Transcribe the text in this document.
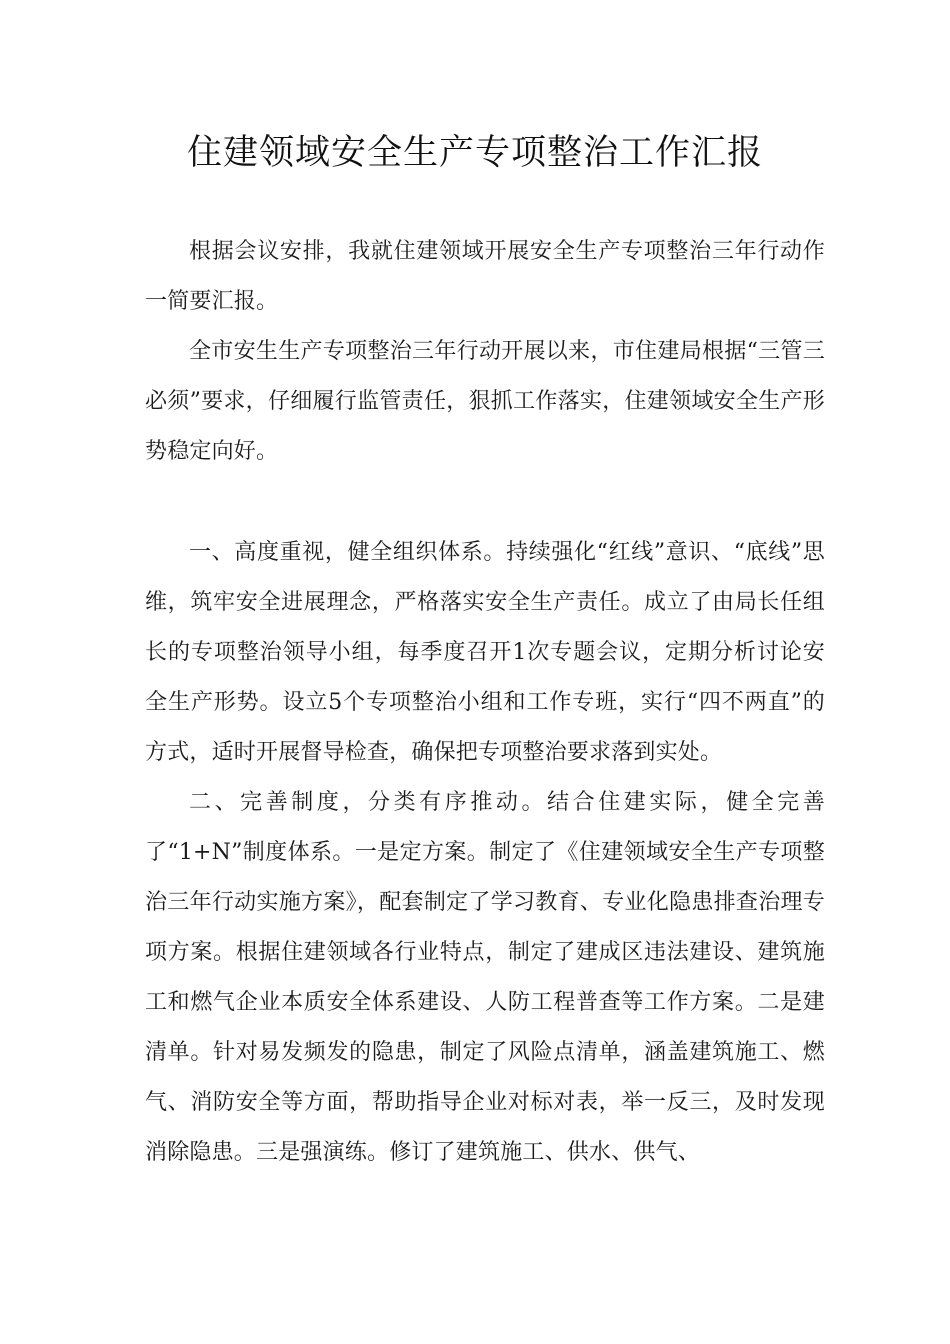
住建领域安全生产专项整治工作汇报

根据会议安排，我就住建领域开展安全生产专项整治三年行动作一简要汇报。

全市安生生产专项整治三年行动开展以来，市住建局根据“三管三必须”要求，仔细履行监管责任，狠抓工作落实，住建领域安全生产形势稳定向好。

一、高度重视，健全组织体系。持续强化“红线”意识、“底线”思维，筑牢安全进展理念，严格落实安全生产责任。成立了由局长任组长的专项整治领导小组，每季度召开1次专题会议，定期分析讨论安全生产形势。设立5个专项整治小组和工作专班，实行“四不两直”的方式，适时开展督导检查，确保把专项整治要求落到实处。

二、完善制度，分类有序推动。结合住建实际，健全完善了“1+N”制度体系。一是定方案。制定了《住建领域安全生产专项整治三年行动实施方案》，配套制定了学习教育、专业化隐患排查治理专项方案。根据住建领域各行业特点，制定了建成区违法建设、建筑施工和燃气企业本质安全体系建设、人防工程普查等工作方案。二是建清单。针对易发频发的隐患，制定了风险点清单，涵盖建筑施工、燃气、消防安全等方面，帮助指导企业对标对表，举一反三，及时发现消除隐患。三是强演练。修订了建筑施工、供水、供气、
